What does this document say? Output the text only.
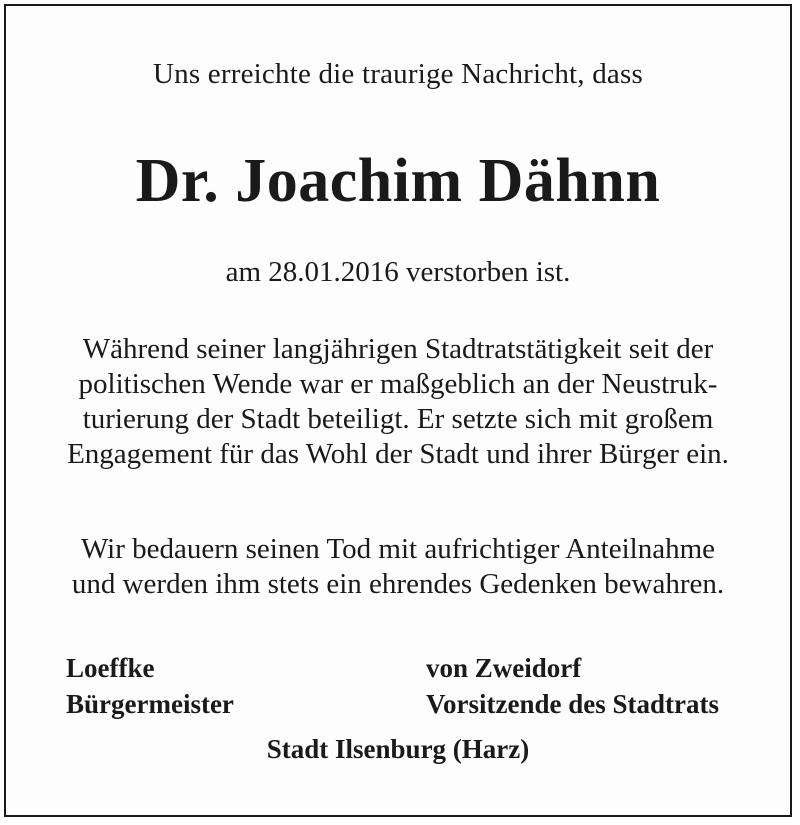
Uns erreichte die traurige Nachricht, dass
Dr. Joachim Dähnn
am 28.01.2016 verstorben ist.
Während seiner langjährigen Stadtratstätigkeit seit der
politischen Wende war er maßgeblich an der Neustruk-
turierung der Stadt beteiligt. Er setzte sich mit großem
Engagement für das Wohl der Stadt und ihrer Bürger ein.
Wir bedauern seinen Tod mit aufrichtiger Anteilnahme
und werden ihm stets ein ehrendes Gedenken bewahren.
Loeffke
Bürgermeister
von Zweidorf
Vorsitzende des Stadtrats
Stadt Ilsenburg (Harz)
